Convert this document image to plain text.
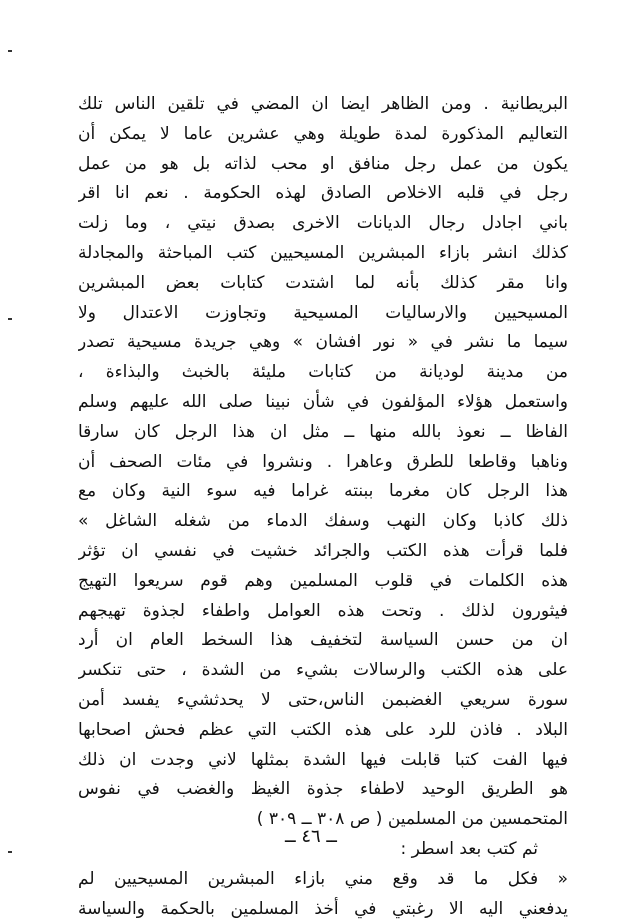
البريطانية . ومن الظاهر ايضا ان المضي في تلقين الناس تلك
التعاليم المذكورة لمدة طويلة وهي عشرين عاما لا يمكن أن
يكون من عمل رجل منافق او محب لذاته بل هو من عمل
رجل في قلبه الاخلاص الصادق لهذه الحكومة . نعم انا اقر
باني اجادل رجال الديانات الاخرى بصدق نيتي ، وما زلت
كذلك انشر بازاء المبشرين المسيحيين كتب المباحثة والمجادلة
وانا مقر كذلك بأنه لما اشتدت كتابات بعض المبشرين
المسيحيين والارساليات المسيحية وتجاوزت الاعتدال ولا
سيما ما نشر في « نور افشان » وهي جريدة مسيحية تصدر
من مدينة لوديانة من كتابات مليئة بالخبث والبذاءة ،
واستعمل هؤلاء المؤلفون في شأن نبينا صلى الله عليهم وسلم
الفاظا ــ نعوذ بالله منها ــ مثل ان هذا الرجل كان سارقا
وناهبا وقاطعا للطرق وعاهرا . ونشروا في مئات الصحف أن
هذا الرجل كان مغرما ببنته غراما فيه سوء النية وكان مع
ذلك كاذبا وكان النهب وسفك الدماء من شغله الشاغل »
فلما قرأت هذه الكتب والجرائد خشيت في نفسي ان تؤثر
هذه الكلمات في قلوب المسلمين وهم قوم سريعوا التهيج
فيثورون لذلك . وتحت هذه العوامل واطفاء لجذوة تهيجهم
ان من حسن السياسة لتخفيف هذا السخط العام ان أرد
على هذه الكتب والرسالات بشيء من الشدة ، حتى تنكسر
سورة سريعي الغضبمن الناس،حتى لا يحدثشيء يفسد أمن
البلاد . فاذن للرد على هذه الكتب التي عظم فحش اصحابها
فيها الفت كتبا قابلت فيها الشدة بمثلها لاني وجدت ان ذلك
هو الطريق الوحيد لاطفاء جذوة الغيظ والغضب في نفوس
المتحمسين من المسلمين ( ص ٣٠٨ ــ ٣٠٩ )
ثم كتب بعد اسطر :
« فكل ما قد وقع مني بازاء المبشرين المسيحيين لم
يدفعني اليه الا رغبتي في أخذ المسلمين بالحكمة والسياسة
ــ ٤٦ ــ
